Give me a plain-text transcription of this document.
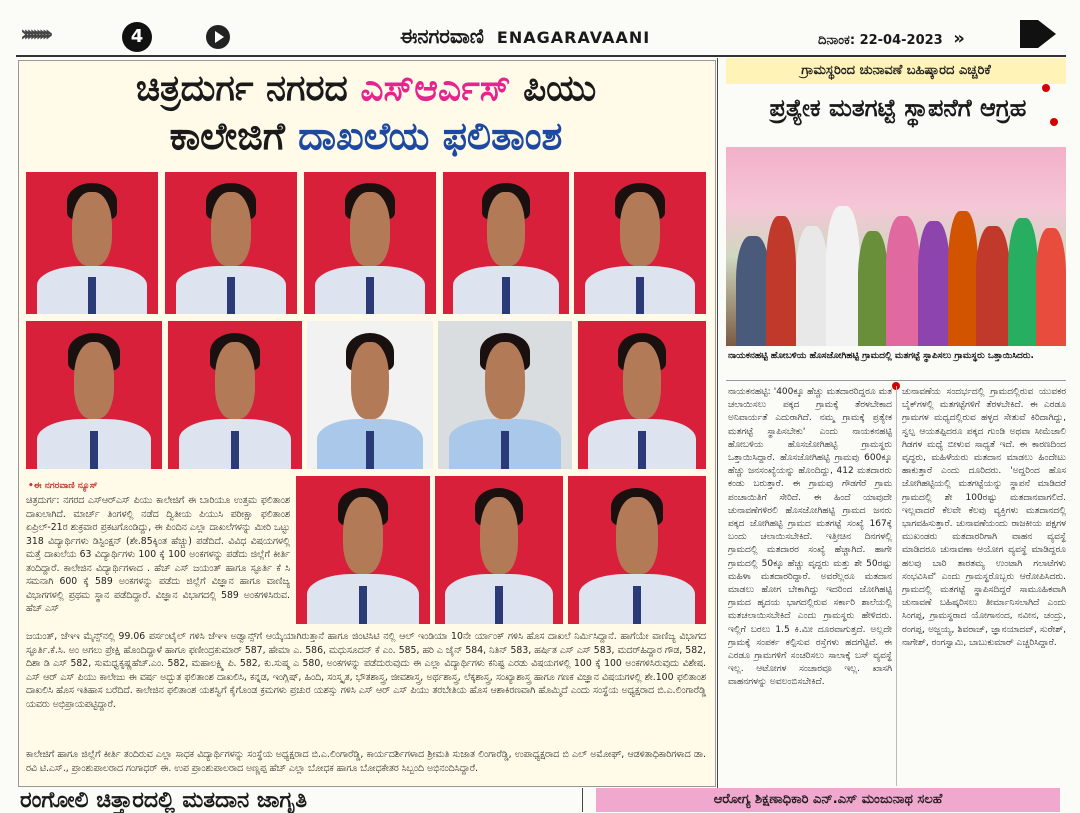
›››››››››	4	ಈನಗರವಾಣಿ ENAGARAVAANI	ದಿನಾಂಕ: 22-04-2023 »
ಚಿತ್ರದುರ್ಗ ನಗರದ ಎಸ್ಆರ್ಎಸ್ ಪಿಯು
ಕಾಲೇಜಿಗೆ ದಾಖಲೆಯ ಫಲಿತಾಂಶ
•ಈ ನಗರವಾಣಿ ನ್ಯೂಸ್
ಚಿತ್ರದುರ್ಗ: ನಗರದ ಎಸ್‌ಆರ್‌ಎಸ್ ಪಿಯು ಕಾಲೇಜಿಗೆ ಈ ಬಾರಿಯೂ ಉತ್ತಮ ಫಲಿತಾಂಶ ದಾಖಲಾಗಿದೆ. ಮಾರ್ಚ್ ತಿಂಗಳಲ್ಲಿ ನಡೆದ ದ್ವಿತೀಯ ಪಿಯುಸಿ ಪರೀಕ್ಷಾ ಫಲಿತಾಂಶ ಏಪ್ರಿಲ್-21ರ ಶುಕ್ರವಾರ ಪ್ರಕಟಗೊಂಡಿದ್ದು, ಈ ಪಿಂದಿನ ಎಲ್ಲಾ ದಾಖಲೆಗಳನ್ನು ಮೀರಿ ಒಟ್ಟು 318 ವಿದ್ಯಾರ್ಥಿಗಳು ಡಿಸ್ಟಿಂಕ್ಷನ್ (ಶೇ.85ಕ್ಕಿಂತ ಹೆಚ್ಚು) ಪಡೆದಿದೆ. ವಿವಿಧ ವಿಷಯಗಳಲ್ಲಿ ಮತ್ತೆ ದಾಖಲೆಯ 63 ವಿದ್ಯಾರ್ಥಿಗಳು 100 ಕ್ಕೆ 100 ಅಂಕಗಳನ್ನು ಪಡೆದು ಜಿಲ್ಲೆಗೆ ಕೀರ್ತಿ ತಂದಿದ್ದಾರೆ. ಕಾಲೇಜಿನ ವಿದ್ಯಾರ್ಥಿಗಳಾದ . ಹೆಚ್ ಎಸ್ ಜಯಂತ್ ಹಾಗೂ ಸ್ಫೂರ್ತಿ ಕೆ ಸಿ ಸಮನಾಗಿ 600 ಕ್ಕೆ 589 ಅಂಕಗಳನ್ನು ಪಡೆದು ಜಿಲ್ಲೆಗೆ ವಿಜ್ಞಾನ ಹಾಗೂ ವಾಣಿಜ್ಯ ವಿಭಾಗಗಳಲ್ಲಿ ಪ್ರಥಮ ಸ್ಥಾನ ಪಡೆದಿದ್ದಾರೆ. ವಿಜ್ಞಾನ ವಿಭಾಗದಲ್ಲಿ 589 ಅಂಕಗಳಿಸಿರುವ. ಹೆಚ್ ಎಸ್
ಜಯಂತ್, ಜೆಇಇ ಮೈನ್ಸ್‌ನಲ್ಲಿ 99.06 ಪರ್ಸಂಟೈಲ್ ಗಳಿಸಿ ಜೆಇಇ ಅಡ್ವಾನ್ಸ್‌ಗೆ ಆಯ್ಕೆಯಾಗಿರುತ್ತಾನೆ ಹಾಗೂ ಜಿಂಟಿಸಿಟಿ ನಲ್ಲಿ ಆಲ್ ಇಂಡಿಯಾ 10ನೇ ರ್ಯಾಂಕ್ ಗಳಿಸಿ ಹೊಸ ದಾಖಲೆ ನಿರ್ಮಿಸಿದ್ದಾನೆ. ಹಾಗೆಯೇ ವಾಣಿಜ್ಯ ವಿಭಾಗದ ಸ್ಫೂರ್ತಿ.ಕೆ.ಸಿ. ಅಂ ಅಗಲು ಪ್ರೇಕ್ಷಿ ಹೊಂದಿದ್ದಾಳೆ ಹಾಗೂ ಫಣೀಂದ್ರಕುಮಾರ್ 587, ಹೇಮಾ ಎ. 586, ಮಧುಸೂದನ್ ಕೆ ಎಂ. 585, ಹರಿ ಎ ಜೈನ್ 584, ನಿತಿನ್ 583, ಹರ್ಷಿತ ಎಸ್ ಎಸ್ 583, ಮದರ್‌ಹಿದ್ದಾರ ಗೌಡ, 582, ದಿಶಾ ಡಿ ಎಸ್ 582, ಸುಮಧ್ವಕೃಷ್ಣಹೆಚ್.ಎಂ. 582, ಮಹಾಲಕ್ಷ್ಮಿ ಪಿ. 582, ಕು.ಸುಷ್ಮ ಎ 580, ಅಂಕಗಳನ್ನು ಪಡೆದುರುವುದು ಈ ಎಲ್ಲಾ ವಿದ್ಯಾರ್ಥಿಗಳು ಕನಿಷ್ಟ ಎರಡು ವಿಷಯಗಳಲ್ಲಿ 100 ಕ್ಕೆ 100 ಅಂಕಗಳಿಸಿರುವುದು ವಿಶೇಷ. ಎಸ್ ಆರ್ ಎಸ್ ಪಿಯು ಕಾಲೇಜು ಈ ವರ್ಷ ಅದ್ಭುತ ಫಲಿತಾಂಶ ದಾಖಲಿಸಿ, ಕನ್ನಡ, ಇಂಗ್ಲಿಷ್, ಹಿಂದಿ, ಸಂಸ್ಕೃತ, ಭೌತಶಾಸ್ತ್ರ, ಜೀವಶಾಸ್ತ್ರ, ಅರ್ಥಶಾಸ್ತ್ರ, ಲೆಕ್ಕಶಾಸ್ತ್ರ, ಸಂಖ್ಯಾಶಾಸ್ತ್ರ ಹಾಗೂ ಗಣಕ ವಿಜ್ಞಾನ ವಿಷಯಗಳಲ್ಲಿ ಶೇ.100 ಫಲಿತಾಂಶ ದಾಖಲಿಸಿ ಹೊಸ ಇತಿಹಾಸ ಬರೆದಿದೆ. ಕಾಲೇಜಿನ ಫಲಿತಾಂಶ ಯಶಸ್ವಿಗೆ ಕೈಗೊಂಡ ಕ್ರಮಗಳು ಪ್ರಚುರ ಯಶಸ್ಸು ಗಳಿಸಿ ಎಸ್ ಆರ್ ಎಸ್ ಪಿಯು ತರಬೇತಿಯ ಹೊಸ ಆಶಾಕಿರಣವಾಗಿ ಹೊಮ್ಮಿದೆ ಎಂದು ಸಂಸ್ಥೆಯ ಅಧ್ಯಕ್ಷರಾದ ಬಿ.ಎ.ಲಿಂಗಾರೆಡ್ಡಿ ಯವರು ಅಭಿಪ್ರಾಯಪಟ್ಟಿದ್ದಾರೆ.
ಕಾಲೇಜಿಗೆ ಹಾಗೂ ಜಿಲ್ಲೆಗೆ ಕೀರ್ತಿ ತಂದಿರುವ ಎಲ್ಲಾ ಸಾಧಕ ವಿದ್ಯಾರ್ಥಿಗಳನ್ನು ಸಂಸ್ಥೆಯ ಅಧ್ಯಕ್ಷರಾದ ಬಿ.ಎ.ಲಿಂಗಾರೆಡ್ಡಿ, ಕಾರ್ಯದರ್ಶಿಗಳಾದ ಶ್ರೀಮತಿ ಸುಜಾತ ಲಿಂಗಾರೆಡ್ಡಿ, ಉಪಾಧ್ಯಕ್ಷರಾದ ಬಿ ಎಲ್ ಅಮೋಘ್, ಆಡಳಿತಾಧಿಕಾರಿಗಳಾದ ಡಾ. ರವಿ ಟಿ.ಎಸ್., ಪ್ರಾಂಶುಪಾಲರಾದ ಗಂಗಾಧರ್ ಈ. ಉಪ ಪ್ರಾಂಶುಪಾಲರಾದ ಅಣ್ಣಪ್ಪ ಹೆಚ್ ಎಲ್ಲಾ ಬೋಧಕ ಹಾಗೂ ಬೋಧಕೇತರ ಸಿಬ್ಬಂದಿ ಅಭಿನಂದಿಸಿದ್ದಾರೆ.
ಗ್ರಾಮಸ್ಥರಿಂದ ಚುನಾವಣೆ ಬಹಿಷ್ಕಾರದ ಎಚ್ಚರಿಕೆ
ಪ್ರತ್ಯೇಕ ಮತಗಟ್ಟೆ ಸ್ಥಾಪನೆಗೆ ಆಗ್ರಹ
ನಾಯಕನಹಟ್ಟಿ ಹೋಬಳಿಯ ಹೊಸಜೋಗಿಹಟ್ಟಿ ಗ್ರಾಮದಲ್ಲಿ ಮತಗಟ್ಟೆ ಸ್ಥಾಪಿಸಲು ಗ್ರಾಮಸ್ಥರು ಒತ್ತಾಯಿಸಿದರು.
ನಾಯಕನಹಟ್ಟಿ: '400ಕ್ಕೂ ಹೆಚ್ಚು ಮತದಾರರಿದ್ದರೂ ಮತ ಚಲಾಯಿಸಲು ಪಕ್ಕದ ಗ್ರಾಮಕ್ಕೆ ತೆರಳಬೇಕಾದ ಅನಿವಾರ್ಯತೆ ಎದುರಾಗಿದೆ. ನಮ್ಮ ಗ್ರಾಮಕ್ಕೆ ಪ್ರತ್ಯೇಕ ಮತಗಟ್ಟೆ ಸ್ಥಾಪಿಸಬೇಕು' ಎಂದು ನಾಯಕನಹಟ್ಟಿ ಹೋಬಳಿಯ ಹೊಸಜೋಗಿಹಟ್ಟಿ ಗ್ರಾಮಸ್ಥರು ಒತ್ತಾಯಿಸಿದ್ದಾರೆ. ಹೊಸಜೋಗಿಹಟ್ಟಿ ಗ್ರಾಮವು 600ಕ್ಕೂ ಹೆಚ್ಚು ಜನಸಂಖ್ಯೆಯನ್ನು ಹೊಂದಿದ್ದು, 412 ಮತದಾರರು ಕಂಡು ಬರುತ್ತಾರೆ. ಈ ಗ್ರಾಮವು ಗೌಡಗೆರೆ ಗ್ರಾಮ ಪಂಚಾಯಿತಿಗೆ ಸೇರಿದೆ. ಈ ಹಿಂದೆ ಯಾವುದೇ ಚುನಾವಣೆಗಳಿರಲಿ ಹೊಸಜೋಗಿಹಟ್ಟಿ ಗ್ರಾಮದ ಜನರು ಪಕ್ಕದ ಜೋಗಿಹಟ್ಟಿ ಗ್ರಾಮದ ಮತಗಟ್ಟೆ ಸಂಖ್ಯೆ 167ಕ್ಕೆ ಬಂದು ಚಲಾಯಿಸಬೇಕಿದೆ. ಇತ್ತೀಚಿನ ದಿನಗಳಲ್ಲಿ ಗ್ರಾಮದಲ್ಲಿ ಮತದಾರರ ಸಂಖ್ಯೆ ಹೆಚ್ಚಾಗಿದೆ. ಹಾಗೇ ಗ್ರಾಮದಲ್ಲಿ 50ಕ್ಕೂ ಹೆಚ್ಚು ವೃದ್ಧರು ಮತ್ತು ಶೇ 50ರಷ್ಟು ಮಹಿಳಾ ಮತದಾರರಿದ್ದಾರೆ. ಅವರೆಲ್ಲರೂ ಮತದಾನ ಮಾಡಲು ಹೋಗ ಬೇಕಾಗಿದ್ದು ಇದರಿಂದ ಜೋಗಿಹಟ್ಟಿ ಗ್ರಾಮದ ಹೃದಯ ಭಾಗದಲ್ಲಿರುವ ಸರ್ಕಾರಿ ಶಾಲೆಯಲ್ಲಿ ಮತಚಲಾಯಿಸಬೇಕಿದೆ ಎಂದು ಗ್ರಾಮಸ್ಥರು ಹೇಳಿದರು. ಇಲ್ಲಿಗೆ ಬರಲು 1.5 ಕಿ.ಮೀ ದೂರವಾಗುತ್ತದೆ. ಅಲ್ಲದೇ ಗ್ರಾಮಕ್ಕೆ ಸಂಪರ್ಕ ಕಲ್ಪಿಸುವ ರಸ್ತೆಗಳು ಹದಗೆಟ್ಟಿವೆ. ಈ ಎರಡೂ ಗ್ರಾಮಗಳಿಗೆ ಸಂಚರಿಸಲು ಸಾಲಾಕ್ಕೆ ಬಸ್ ವ್ಯವಸ್ಥೆ ಇಲ್ಲ. ಆಟೋಗಳ ಸಂಚಾರವೂ ಇಲ್ಲ. ಖಾಸಗಿ ವಾಹನಗಳನ್ನು ಅವಲಂಬಿಸಬೇಕಿದೆ.
ಚುನಾವಣೆಯ ಸಂದರ್ಭದಲ್ಲಿ ಗ್ರಾಮದಲ್ಲಿರುವ ಯುವಕರ ಬೈಕ್‌ಗಳಲ್ಲಿ ಮತಗಟ್ಟೆಗಳಿಗೆ ತೆರಳಬೇಕಿದೆ. ಈ ಎರಡೂ ಗ್ರಾಮಗಳ ಮಧ್ಯದಲ್ಲಿರುವ ಹಳ್ಳದ ಸೇತುವೆ ಕಿರಿದಾಗಿದ್ದು, ಸ್ವಲ್ಪ ಆಯತಪ್ಪಿದರೂ ಪಕ್ಕದ ಗುಂಡಿ ಅಥವಾ ಸೀಮೆಜಾಲಿ ಗಿಡಗಳ ಮಧ್ಯೆ ಬೀಳುವ ಸಾಧ್ಯತೆ ಇದೆ. ಈ ಕಾರಣದಿಂದ ವೃದ್ಧರು, ಮಹಿಳೆಯರು ಮತದಾನ ಮಾಡಲು ಹಿಂದೇಟು ಹಾಕುತ್ತಾರೆ ಎಂದು ದೂರಿದರು. 'ಅದ್ದರಿಂದ ಹೊಸ ಜೋಗಿಹಟ್ಟಿಯಲ್ಲಿ ಮತಗಟ್ಟೆಯನ್ನು ಸ್ಥಾಪನೆ ಮಾಡಿದರೆ ಗ್ರಾಮದಲ್ಲಿ ಶೇ 100ರಷ್ಟು ಮತದಾನವಾಗಲಿದೆ. ಇಲ್ಲವಾದರೆ ಕೆಲವೇ ಕೆಲವು ವ್ಯಕ್ತಿಗಳು ಮತದಾನದಲ್ಲಿ ಭಾಗವಹಿಸುತ್ತಾರೆ. ಚುನಾವಣೆಯಂದು ರಾಜಕೀಯ ಪಕ್ಷಗಳ ಮುಖಂಡರು ಮತದಾರರಿಗಾಗಿ ವಾಹನ ವ್ಯವಸ್ಥೆ ಮಾಡಿದರೂ ಚುನಾವಣಾ ಆಯೋಗ ವ್ಯವಸ್ಥೆ ಮಾಡಿದ್ದರೂ ಹಲವು ಬಾರಿ ತಾರತಮ್ಯ ಉಂಟಾಗಿ ಗಲಾಟೆಗಳು ಸಂಭವಿಸಿವೆ' ಎಂದು ಗ್ರಾಮಸ್ಥರೊಬ್ಬರು ಆರೋಪಿಸಿದರು. ಗ್ರಾಮದಲ್ಲಿ ಮತಗಟ್ಟೆ ಸ್ಥಾಪಿಸದಿದ್ದರೆ ಸಾಮೂಹಿಕವಾಗಿ ಚುನಾವಣೆ ಬಹಿಷ್ಕರಿಸಲು ತೀರ್ಮಾನಿಸಲಾಗಿದೆ ಎಂದು ಸಿಂಗಪ್ಪ, ಗ್ರಾಮಸ್ಥರಾದ ಯೋಗಾನಂದ, ನವೀನ, ಚಂದ್ರು, ರಂಗಪ್ಪ, ಅಜ್ಜಯ್ಯ, ಶಿವರಾಜ್, ಜ್ಞಾನಯಾದವ್, ಸುರೇಶ್, ನಾಗೇಶ್, ರಂಗಸ್ವಾಮಿ, ಬಾಬುಕುಮಾರ್ ಎಚ್ಚರಿಸಿದ್ದಾರೆ.
ರಂಗೋಲಿ ಚಿತ್ತಾರದಲ್ಲಿ ಮತದಾನ ಜಾಗೃತಿ	ಆರೋಗ್ಯ ಶಿಕ್ಷಣಾಧಿಕಾರಿ ಎನ್.ಎಸ್ ಮಂಜುನಾಥ ಸಲಹೆ
